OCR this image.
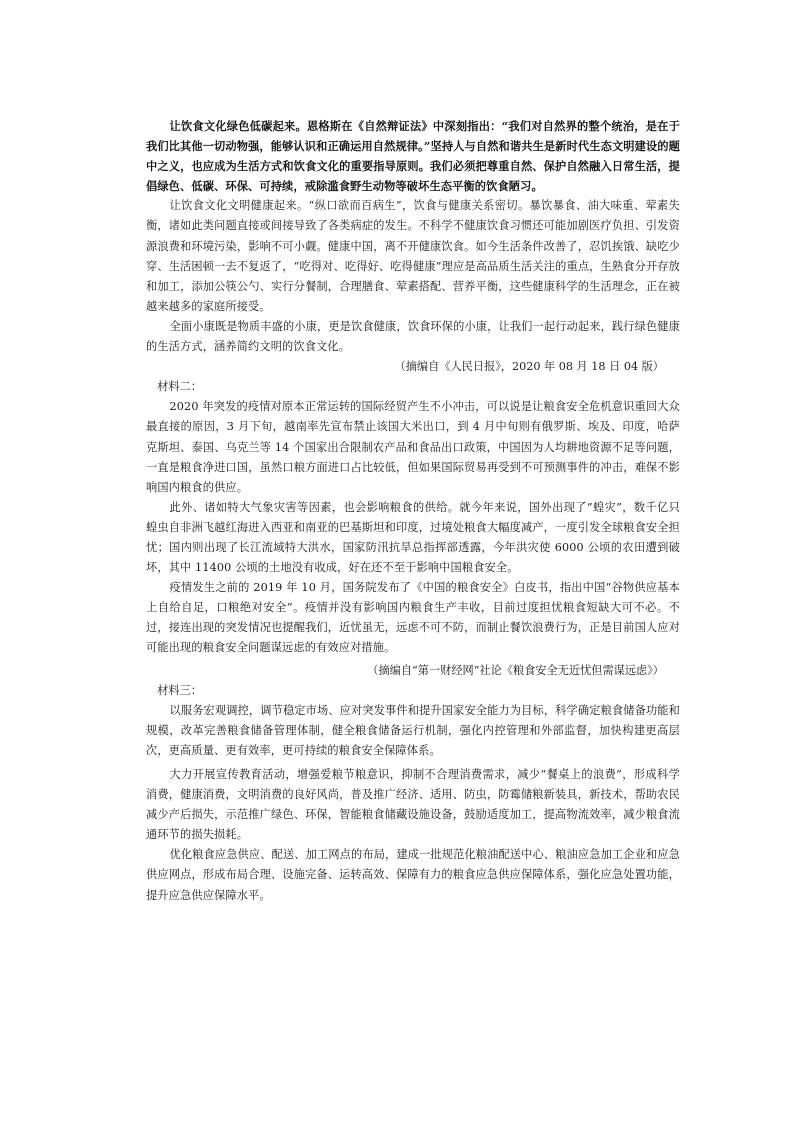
让饮食文化绿色低碳起来。恩格斯在《自然辩证法》中深刻指出：“我们对自然界的整个统治，是在于我们比其他一切动物强，能够认识和正确运用自然规律。”坚持人与自然和谐共生是新时代生态文明建设的题中之义，也应成为生活方式和饮食文化的重要指导原则。我们必须把尊重自然、保护自然融入日常生活，提倡绿色、低碳、环保、可持续，戒除滥食野生动物等破坏生态平衡的饮食陋习。

让饮食文化文明健康起来。“纵口欲而百病生”，饮食与健康关系密切。暴饮暴食、油大味重、荤素失衡，诸如此类问题直接或间接导致了各类病症的发生。不科学不健康饮食习惯还可能加剧医疗负担、引发资源浪费和环境污染，影响不可小觑。健康中国，离不开健康饮食。如今生活条件改善了，忍饥挨饿、缺吃少穿、生活困顿一去不复返了，“吃得对、吃得好、吃得健康”理应是高品质生活关注的重点，生熟食分开存放和加工，添加公筷公勺、实行分餐制，合理膳食、荤素搭配、营养平衡，这些健康科学的生活理念，正在被越来越多的家庭所接受。

全面小康既是物质丰盛的小康，更是饮食健康，饮食环保的小康，让我们一起行动起来，践行绿色健康的生活方式，涵养简约文明的饮食文化。

（摘编自《人民日报》，2020 年 08 月 18 日 04 版）

材料二：

2020 年突发的疫情对原本正常运转的国际经贸产生不小冲击，可以说是让粮食安全危机意识重回大众最直接的原因，3 月下旬，越南率先宣布禁止该国大米出口，到 4 月中旬则有俄罗斯、埃及、印度，哈萨克斯坦、泰国、乌克兰等 14 个国家出合限制农产品和食品出口政策，中国因为人均耕地资源不足等问题，一直是粮食净进口国，虽然口粮方面进口占比较低，但如果国际贸易再受到不可预测事件的冲击，难保不影响国内粮食的供应。

此外、诸如特大气象灾害等因素，也会影响粮食的供给。就今年来说，国外出现了“蝗灾”，数千亿只蝗虫自非洲飞越红海进入西亚和南亚的巴基斯坦和印度，过境处粮食大幅度减产，一度引发全球粮食安全担忧；国内则出现了长江流域特大洪水，国家防汛抗旱总指挥部透露，今年洪灾使 6000 公顷的农田遭到破坏，其中 11400 公顷的土地没有收成，好在还不至于影响中国粮食安全。

疫情发生之前的 2019 年 10 月，国务院发布了《中国的粮食安全》白皮书，指出中国“谷物供应基本上自给自足，口粮绝对安全”。疫情并没有影响国内粮食生产丰收，目前过度担忧粮食短缺大可不必。不过，接连出现的突发情况也提醒我们，近忧虽无，远虑不可不防，而制止餐饮浪费行为，正是目前国人应对可能出现的粮食安全问题谋远虑的有效应对措施。

（摘编自“第一财经网”社论《粮食安全无近忧但需谋远虑》）

材料三：

以服务宏观调控，调节稳定市场、应对突发事件和提升国家安全能力为目标，科学确定粮食储备功能和规模，改革完善粮食储备管理体制，健全粮食储备运行机制，强化内控管理和外部监督，加快构建更高层次，更高质量、更有效率，更可持续的粮食安全保障体系。

大力开展宣传教育活动，增强爱粮节粮意识，抑制不合理消费需求，减少“餐桌上的浪费”，形成科学消费，健康消费，文明消费的良好风尚，普及推广经济、适用、防虫，防霉储粮新装具，新技术，帮助农民减少产后损失，示范推广绿色、环保，智能粮食储藏设施设备，鼓励适度加工，提高物流效率，减少粮食流通环节的损失损耗。

优化粮食应急供应、配送、加工网点的布局，建成一批规范化粮油配送中心、粮油应急加工企业和应急供应网点，形成布局合理、设施完备、运转高效、保障有力的粮食应急供应保障体系，强化应急处置功能，提升应急供应保障水平。
